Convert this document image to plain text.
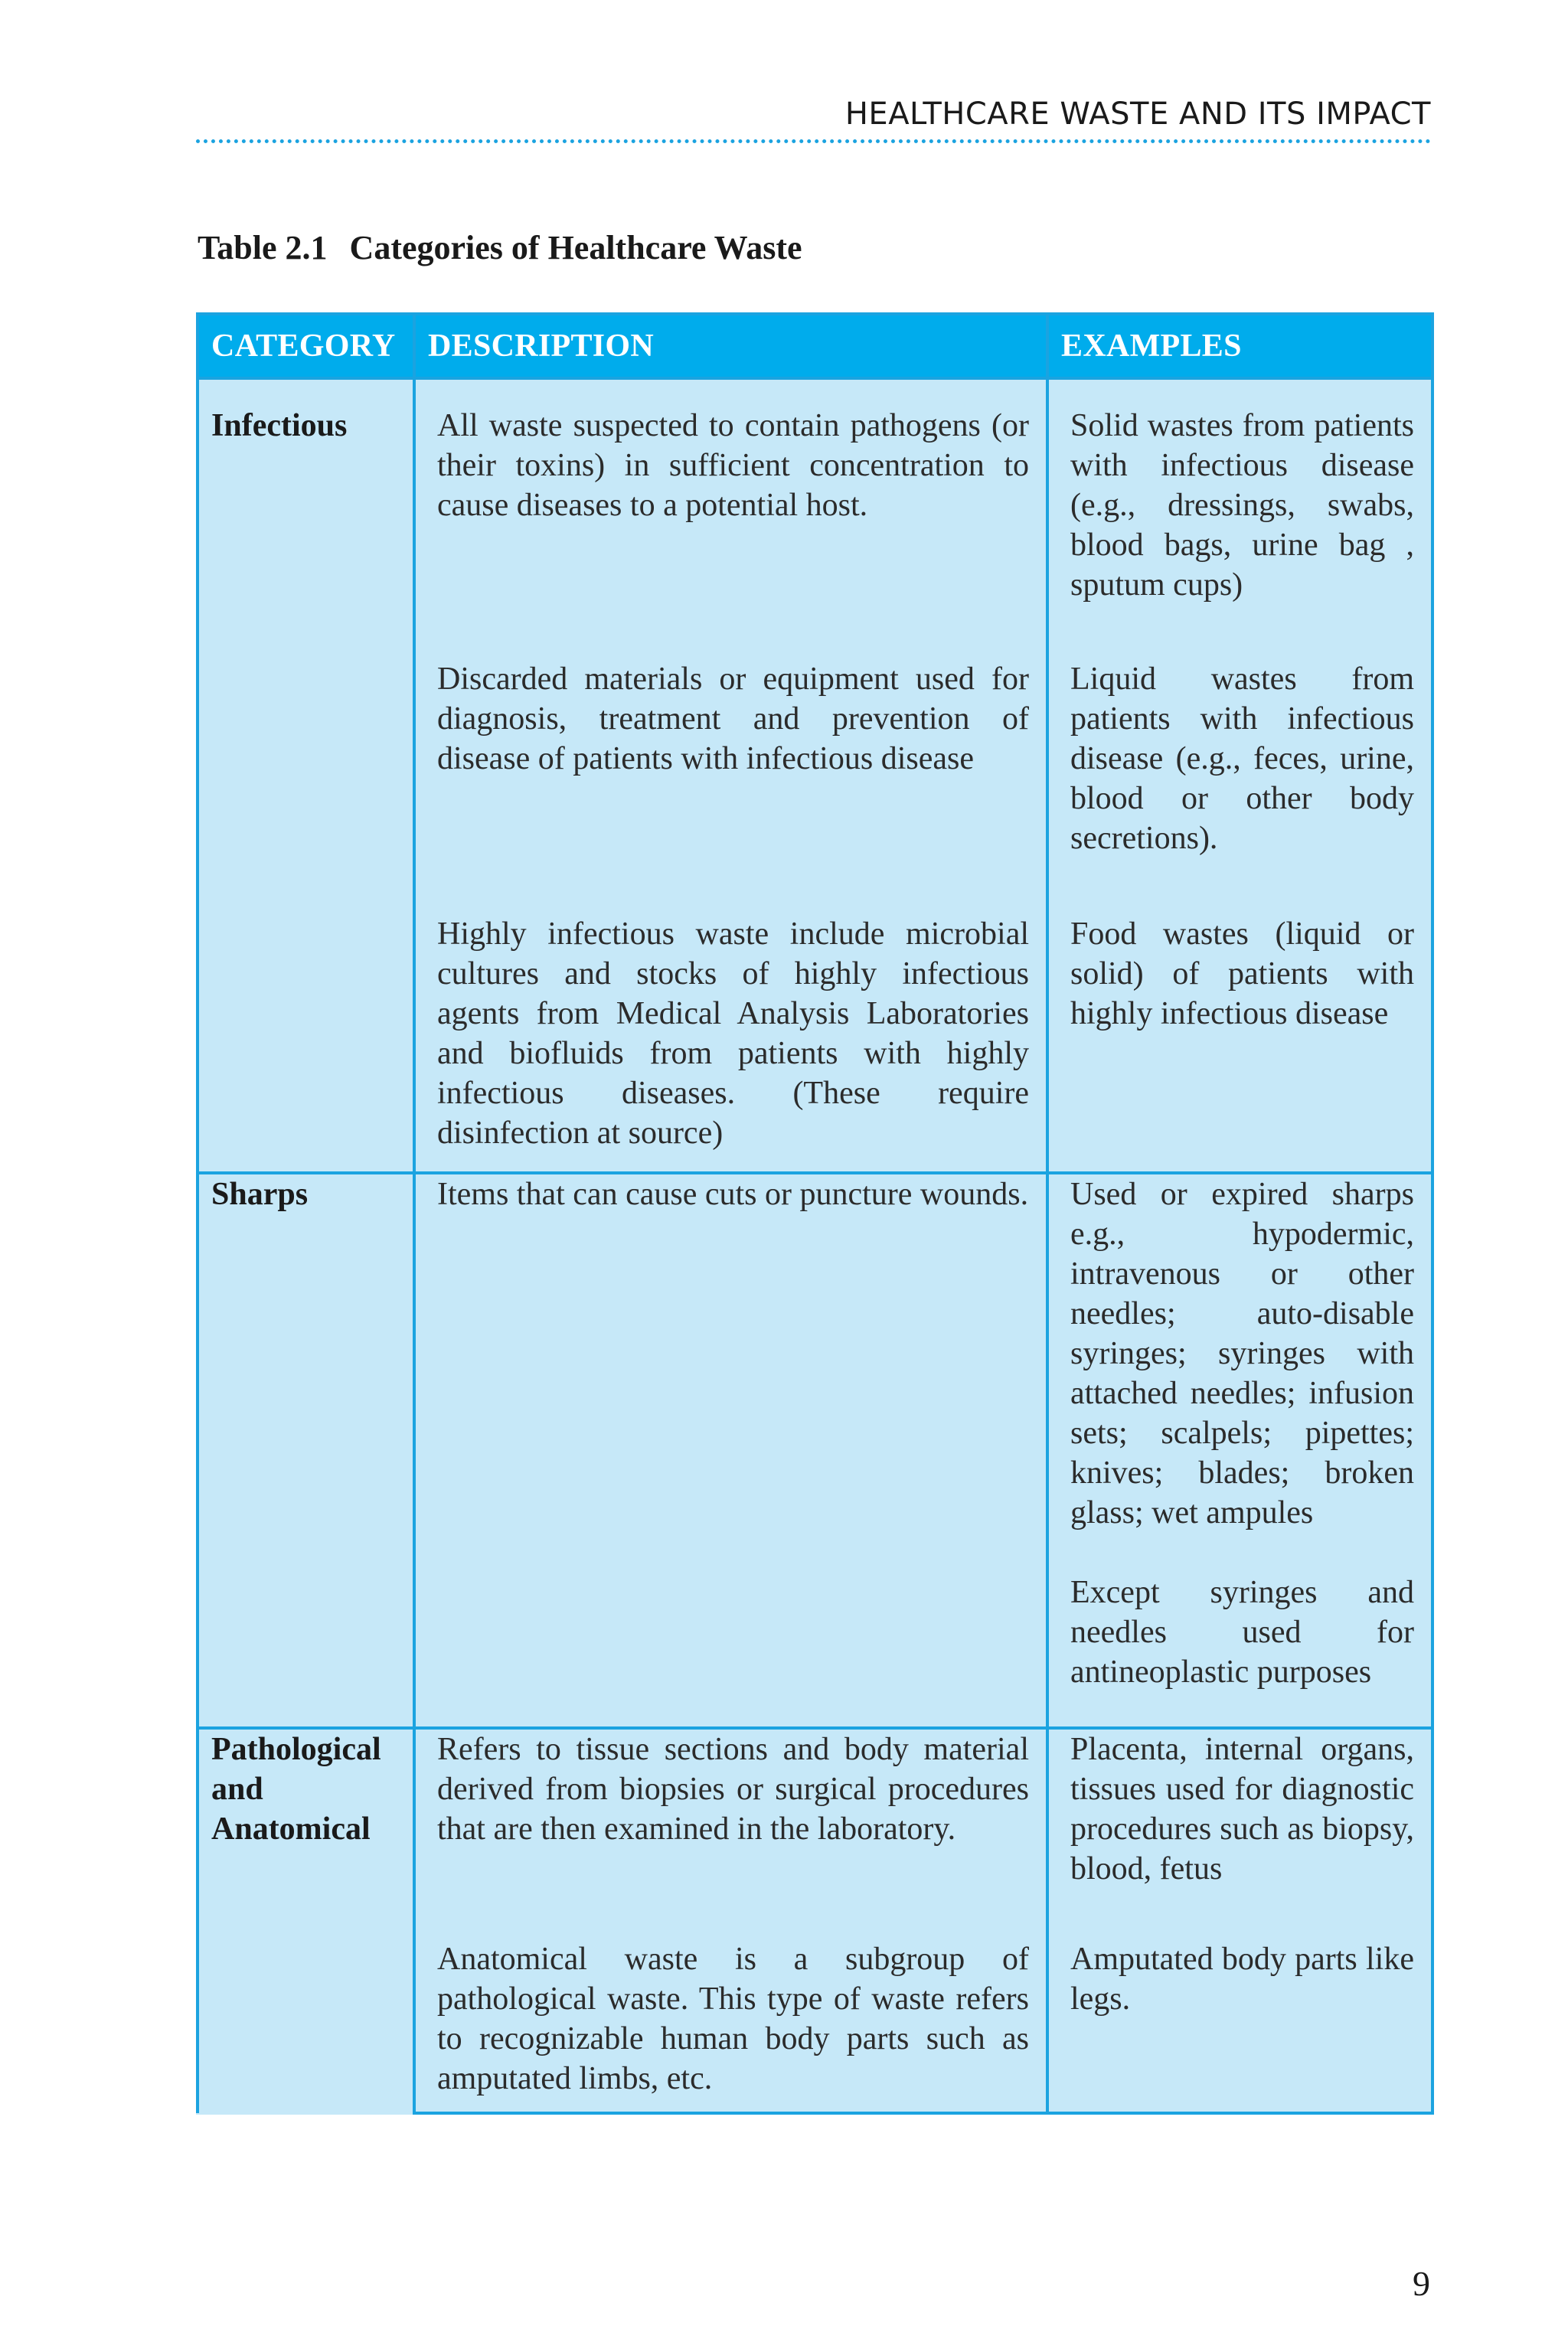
HEALTHCARE WASTE AND ITS IMPACT
Table 2.1 Categories of Healthcare Waste
CATEGORY	DESCRIPTION	EXAMPLES
Infectious	All waste suspected to contain pathogens (or their toxins) in sufficient concentration to cause diseases to a potential host.	Solid wastes from patients with infectious disease (e.g., dressings, swabs, blood bags, urine bag , sputum cups)
	Discarded materials or equipment used for diagnosis, treatment and prevention of disease of patients with infectious disease	Liquid wastes from patients with infectious disease (e.g., feces, urine, blood or other body secretions).
	Highly infectious waste include microbial cultures and stocks of highly infectious agents from Medical Analysis Laboratories and biofluids from patients with highly infectious diseases. (These require disinfection at source)	Food wastes (liquid or solid) of patients with highly infectious disease
Sharps	Items that can cause cuts or puncture wounds.	Used or expired sharps e.g., hypodermic, intravenous or other needles; auto-disable syringes; syringes with attached needles; infusion sets; scalpels; pipettes; knives; blades; broken glass; wet ampules
Except syringes and needles used for antineoplastic purposes

Pathological and Anatomical	Refers to tissue sections and body material derived from biopsies or surgical procedures that are then examined in the laboratory.	Placenta, internal organs, tissues used for diagnostic procedures such as biopsy, blood, fetus
	Anatomical waste is a subgroup of pathological waste. This type of waste refers to recognizable human body parts such as amputated limbs, etc.	Amputated body parts like legs.
9
